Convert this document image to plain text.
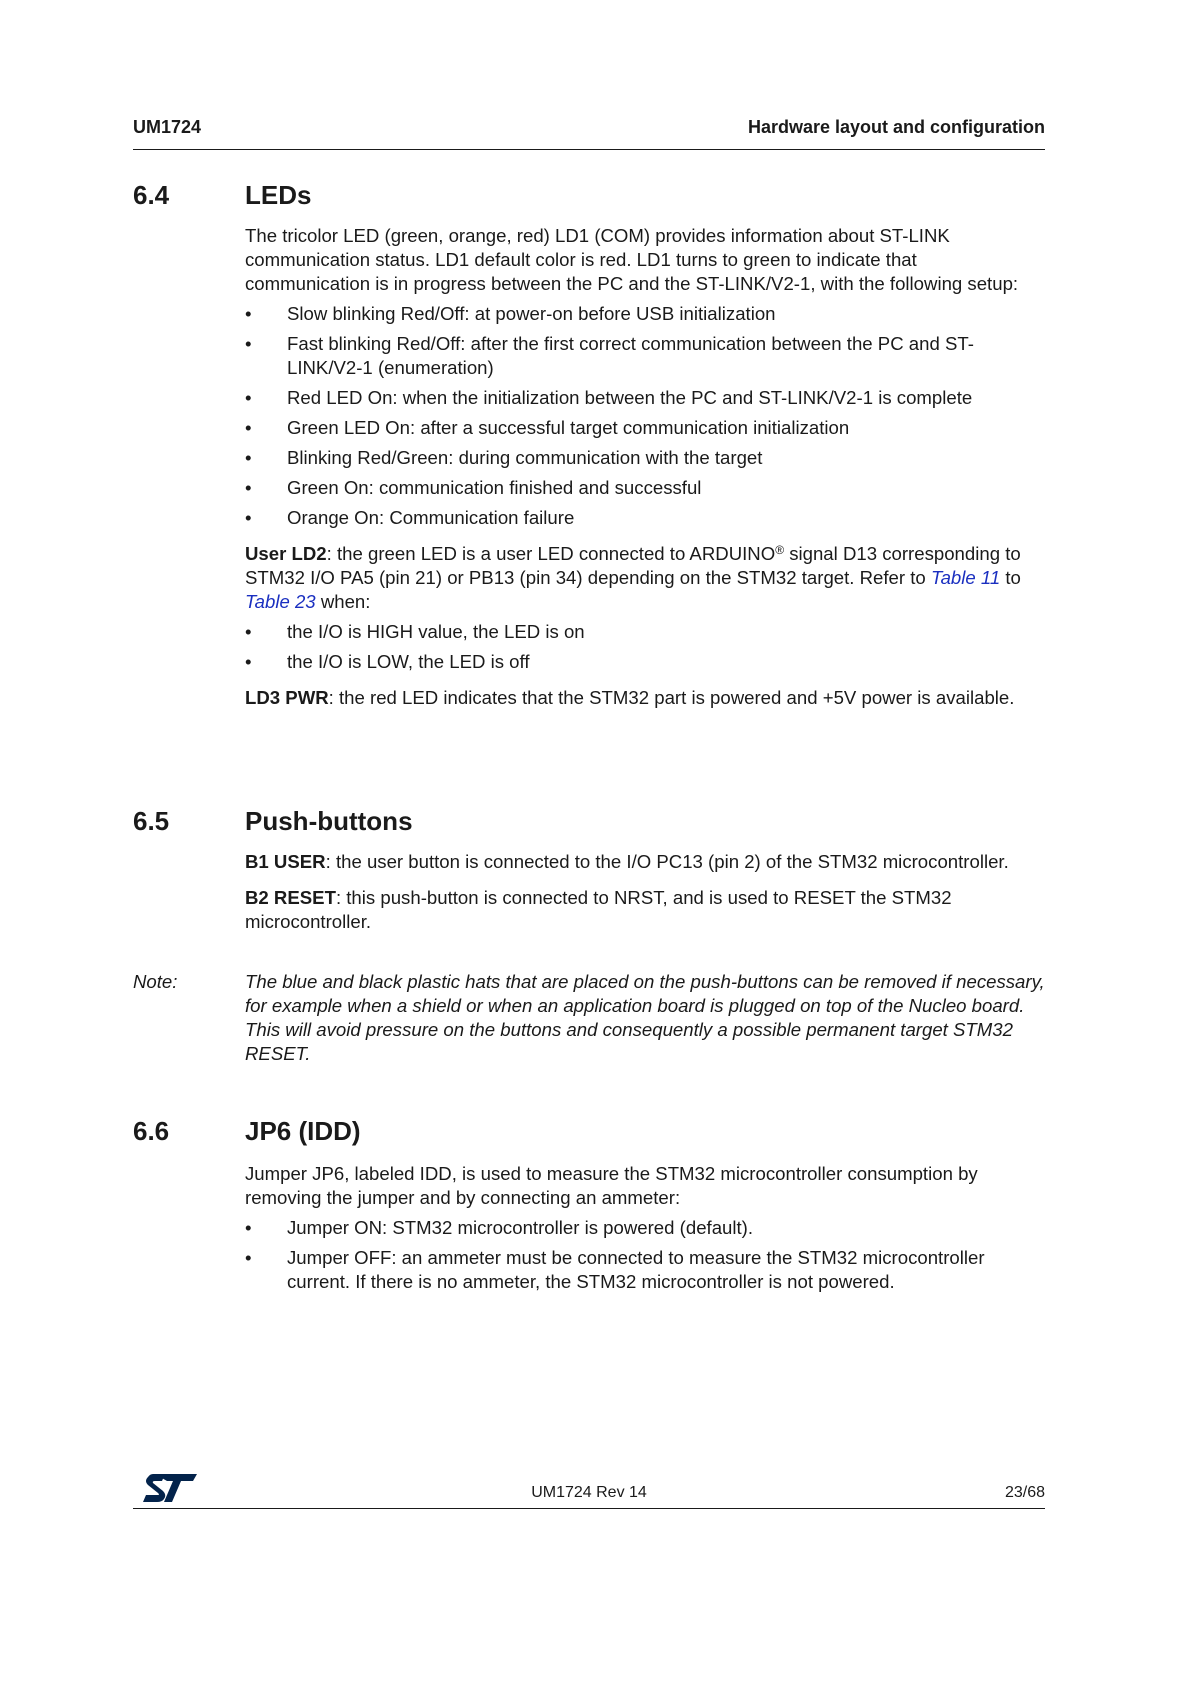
UM1724	Hardware layout and configuration
6.4	LEDs

The tricolor LED (green, orange, red) LD1 (COM) provides information about ST-LINK communication status. LD1 default color is red. LD1 turns to green to indicate that communication is in progress between the PC and the ST-LINK/V2-1, with the following setup:

•	Slow blinking Red/Off: at power-on before USB initialization

•	Fast blinking Red/Off: after the first correct communication between the PC and ST-LINK/V2-1 (enumeration)

•	Red LED On: when the initialization between the PC and ST-LINK/V2-1 is complete

•	Green LED On: after a successful target communication initialization

•	Blinking Red/Green: during communication with the target

•	Green On: communication finished and successful

•	Orange On: Communication failure

User LD2: the green LED is a user LED connected to ARDUINO® signal D13 corresponding to STM32 I/O PA5 (pin 21) or PB13 (pin 34) depending on the STM32 target. Refer to Table 11 to Table 23 when:

•	the I/O is HIGH value, the LED is on

•	the I/O is LOW, the LED is off

LD3 PWR: the red LED indicates that the STM32 part is powered and +5V power is available.

6.5	Push-buttons

B1 USER: the user button is connected to the I/O PC13 (pin 2) of the STM32 microcontroller.

B2 RESET: this push-button is connected to NRST, and is used to RESET the STM32 microcontroller.

Note:	The blue and black plastic hats that are placed on the push-buttons can be removed if necessary, for example when a shield or when an application board is plugged on top of the Nucleo board. This will avoid pressure on the buttons and consequently a possible permanent target STM32 RESET.
6.6	JP6 (IDD)

Jumper JP6, labeled IDD, is used to measure the STM32 microcontroller consumption by removing the jumper and by connecting an ammeter:

•	Jumper ON: STM32 microcontroller is powered (default).

•	Jumper OFF: an ammeter must be connected to measure the STM32 microcontroller current. If there is no ammeter, the STM32 microcontroller is not powered.

UM1724 Rev 14	23/68
